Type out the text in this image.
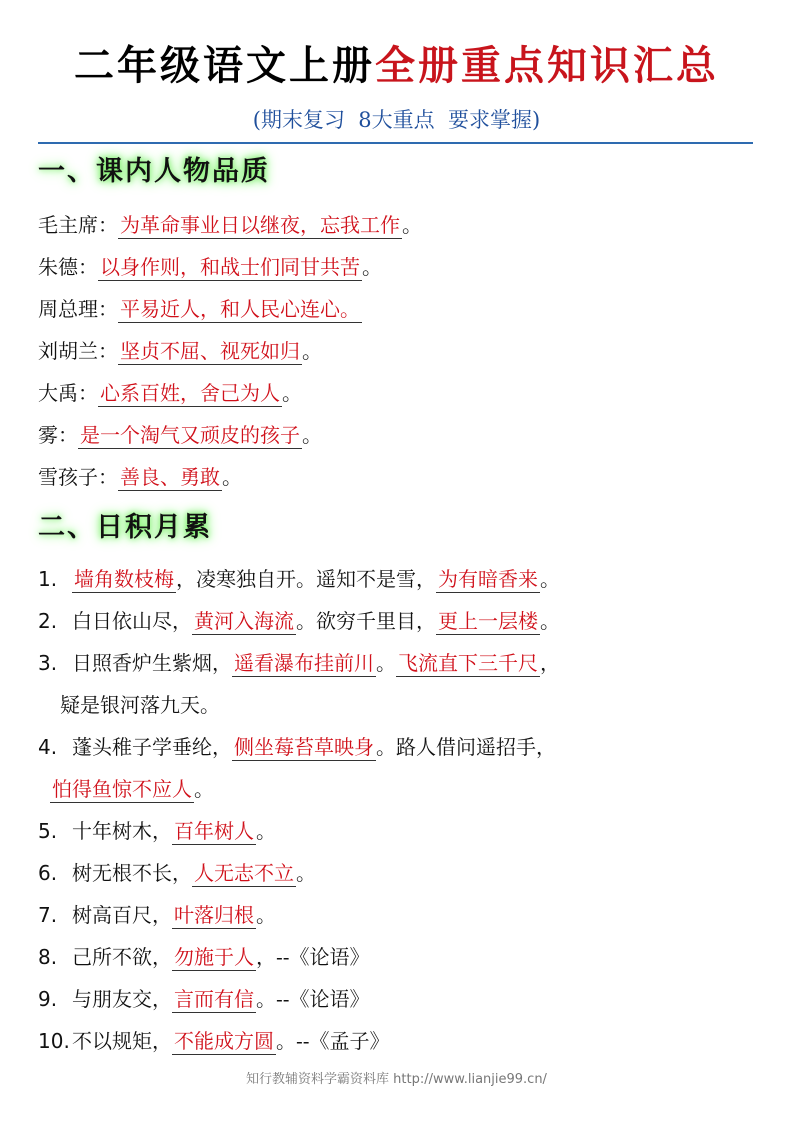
二年级语文上册全册重点知识汇总
(期末复习  8大重点  要求掌握)
一、课内人物品质
毛主席： 为革命事业日以继夜，忘我工作 。
朱德： 以身作则，和战士们同甘共苦 。
周总理： 平易近人，和人民心连心。
刘胡兰： 坚贞不屈、视死如归 。
大禹： 心系百姓，舍己为人 。
雾： 是一个淘气又顽皮的孩子 。
雪孩子： 善良、勇敢 。
二、日积月累
1. 墙角数枝梅 ，凌寒独自开。遥知不是雪， 为有暗香来 。
2. 白日依山尽， 黄河入海流 。欲穷千里目， 更上一层楼 。
3. 日照香炉生紫烟， 遥看瀑布挂前川 。 飞流直下三千尺 ，
疑是银河落九天。
4. 蓬头稚子学垂纶， 侧坐莓苔草映身 。路人借问遥招手，
怕得鱼惊不应人 。
5. 十年树木， 百年树人 。
6. 树无根不长， 人无志不立 。
7. 树高百尺， 叶落归根 。
8. 己所不欲， 勿施于人 ，--《论语》
9. 与朋友交， 言而有信 。--《论语》
10. 不以规矩， 不能成方圆 。--《孟子》
知行教辅资料学霸资料库 http://www.lianjie99.cn/
